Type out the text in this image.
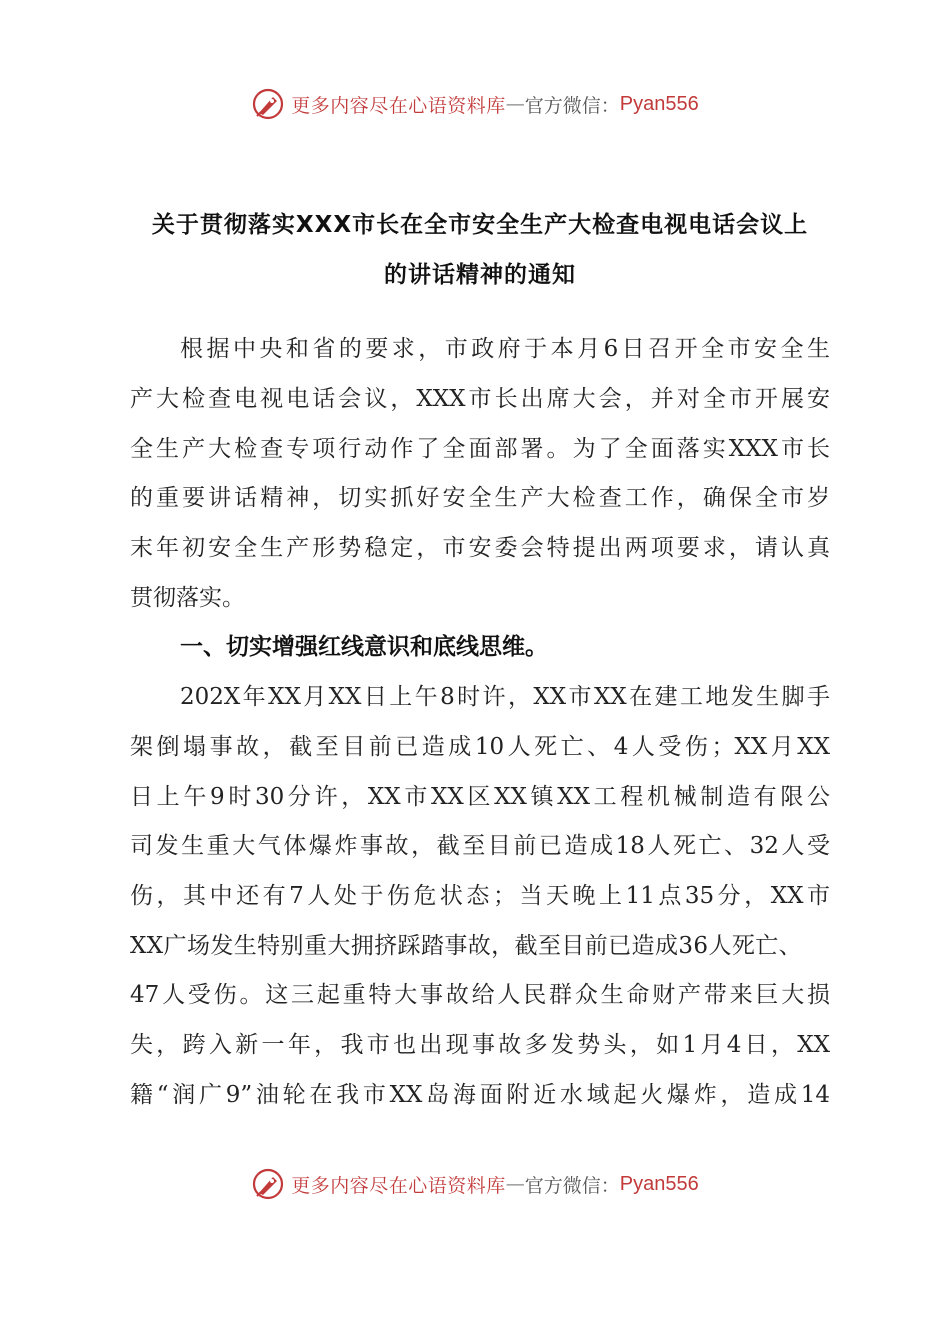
更多内容尽在心语资料库 — 官方微信： Pyan556
关于贯彻落实XXX市长在全市安全生产大检查电视电话会议上
的讲话精神的通知
根据中央和省的要求，市政府于本月6日召开全市安全生
产大检查电视电话会议，XXX市长出席大会，并对全市开展安
全生产大检查专项行动作了全面部署。为了全面落实XXX市长
的重要讲话精神，切实抓好安全生产大检查工作，确保全市岁
末年初安全生产形势稳定，市安委会特提出两项要求，请认真
贯彻落实。
一、切实增强红线意识和底线思维。
202X年XX月XX日上午8时许，XX市XX在建工地发生脚手
架倒塌事故，截至目前已造成10人死亡、4人受伤；XX月XX
日上午9时30分许，XX市XX区XX镇XX工程机械制造有限公
司发生重大气体爆炸事故，截至目前已造成18人死亡、32人受
伤，其中还有7人处于伤危状态；当天晚上11点35分，XX市
XX广场发生特别重大拥挤踩踏事故，截至目前已造成36人死亡、
47人受伤。这三起重特大事故给人民群众生命财产带来巨大损
失，跨入新一年，我市也出现事故多发势头，如1月4日，XX
籍“润广9”油轮在我市XX岛海面附近水域起火爆炸，造成14
更多内容尽在心语资料库 — 官方微信： Pyan556
